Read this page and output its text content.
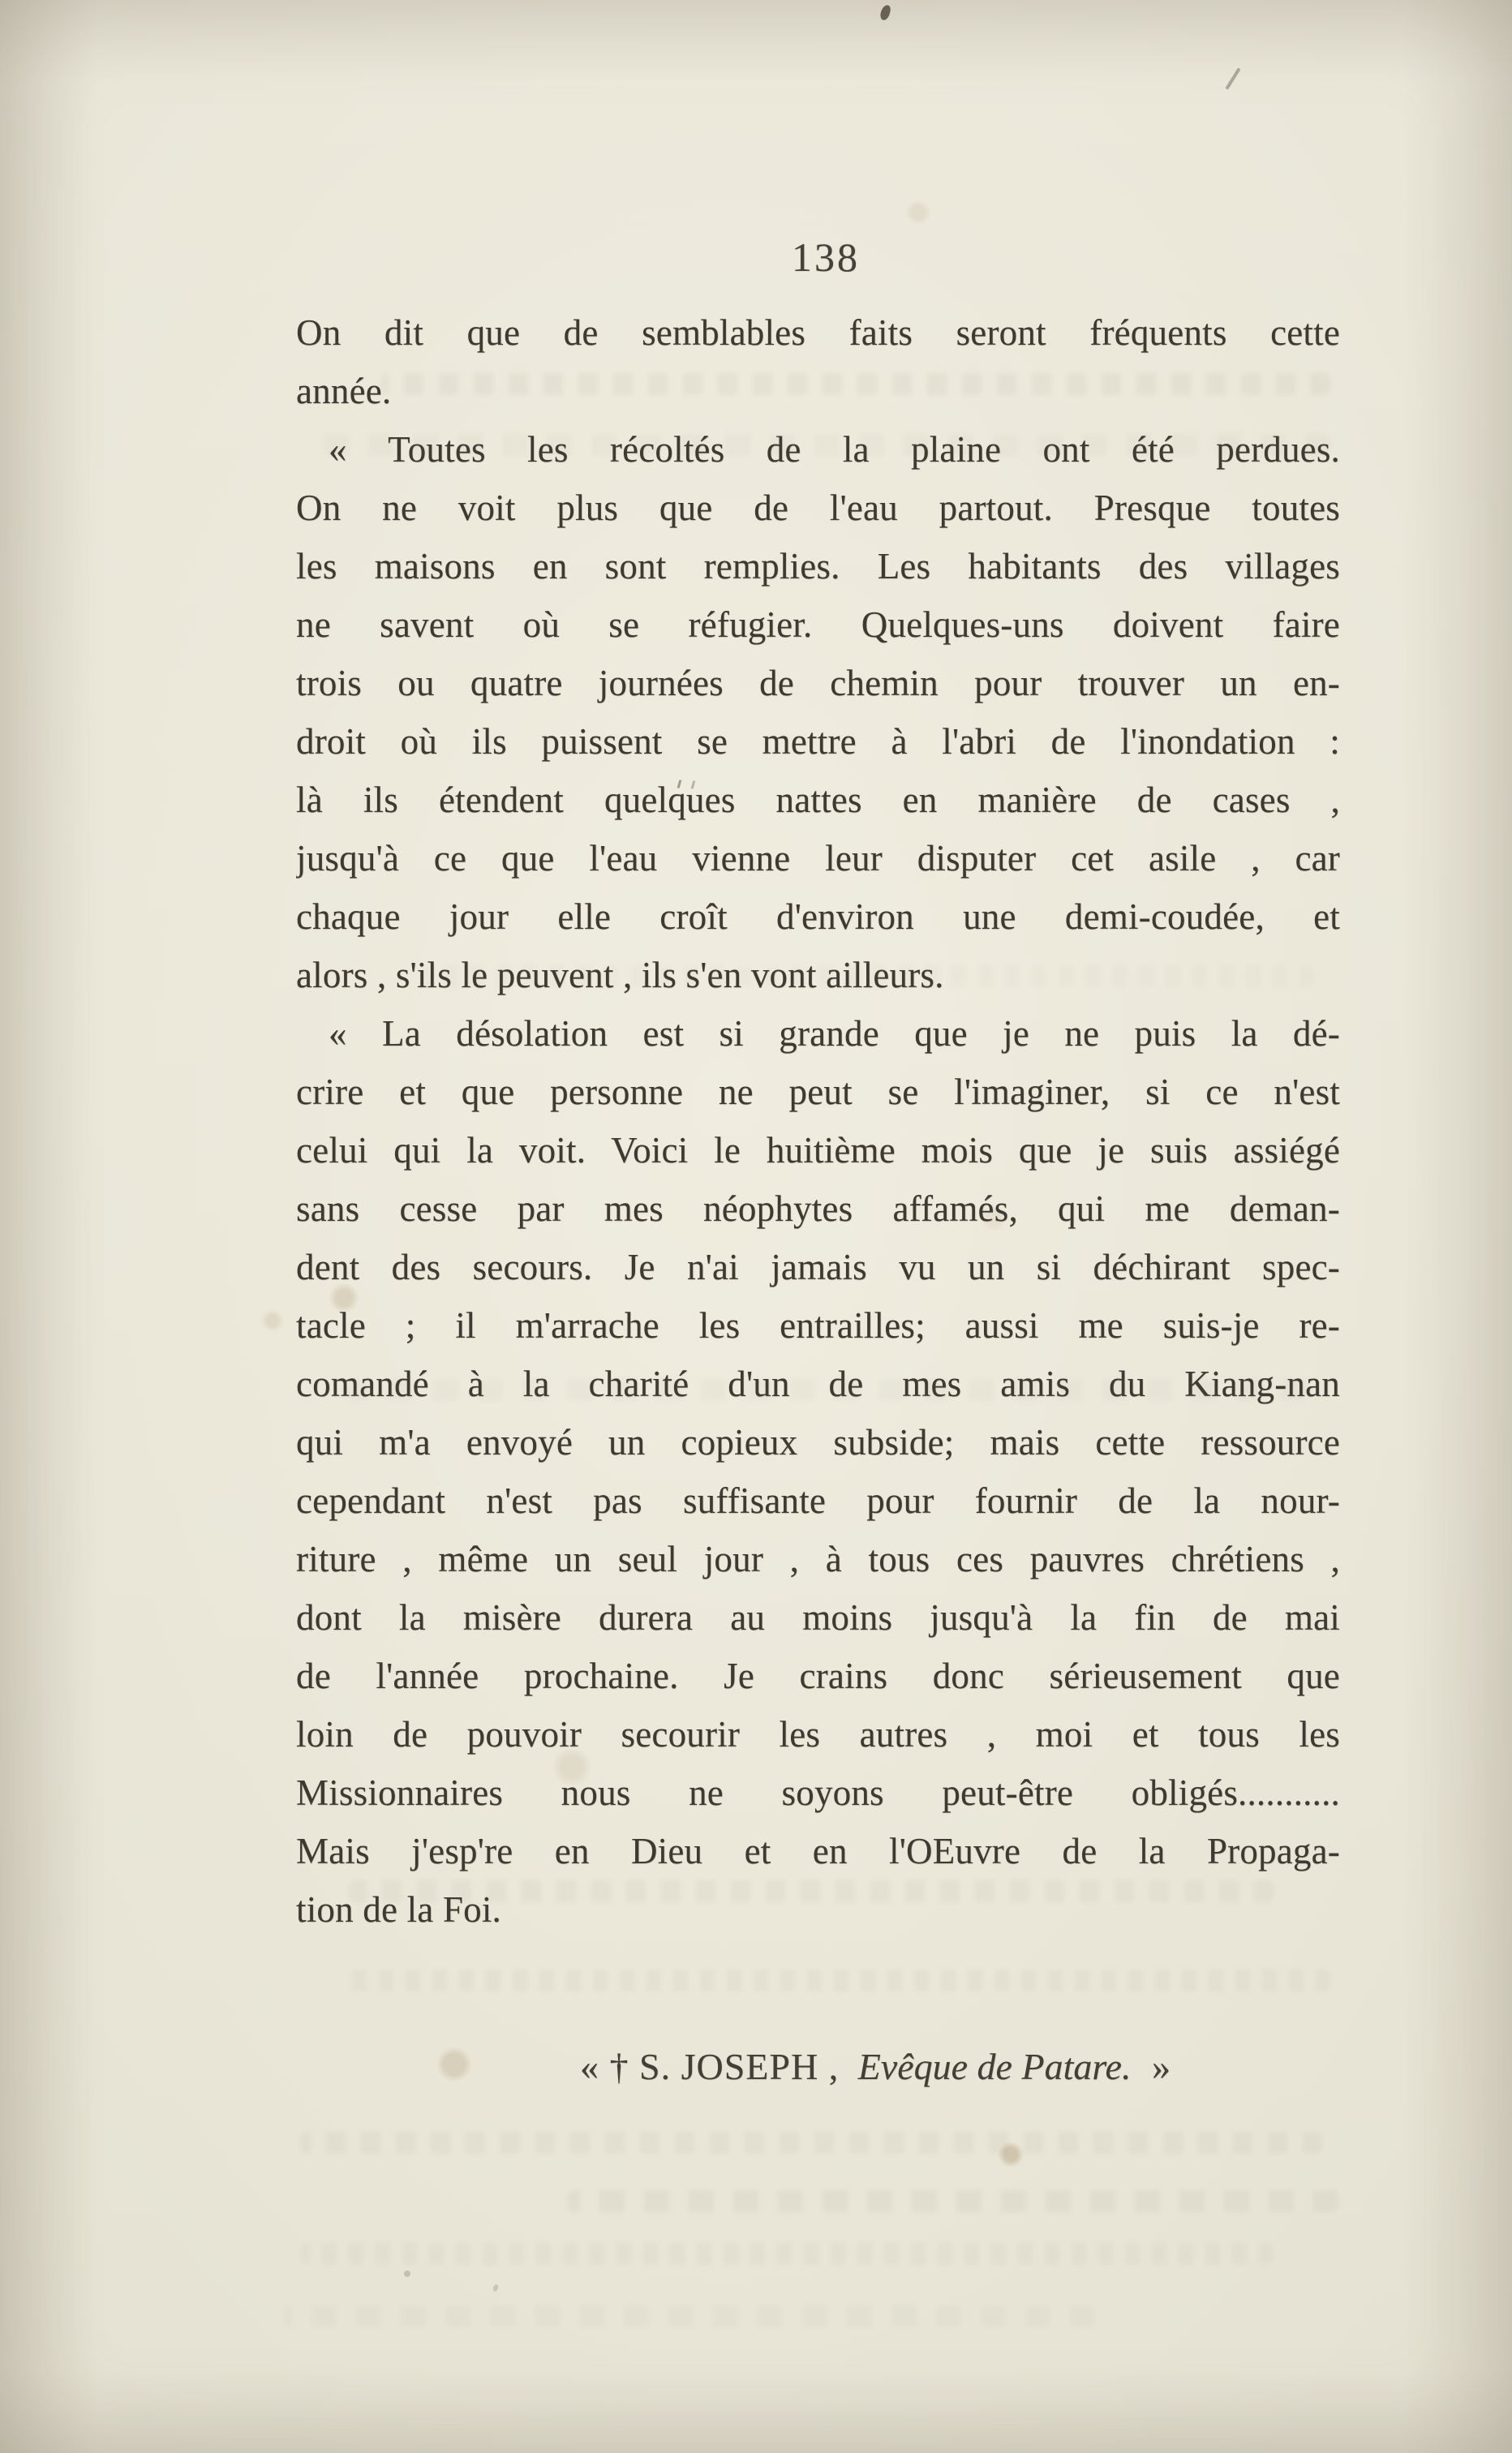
138
On dit que de semblables faits seront fréquents cette
année.
« Toutes les récoltés de la plaine ont été perdues.
On ne voit plus que de l'eau partout. Presque toutes
les maisons en sont remplies. Les habitants des villages
ne savent où se réfugier. Quelques-uns doivent faire
trois ou quatre journées de chemin pour trouver un en-
droit où ils puissent se mettre à l'abri de l'inondation :
là ils étendent quelques nattes en manière de cases ,
jusqu'à ce que l'eau vienne leur disputer cet asile , car
chaque jour elle croît d'environ une demi-coudée, et
alors , s'ils le peuvent , ils s'en vont ailleurs.
« La désolation est si grande que je ne puis la dé-
crire et que personne ne peut se l'imaginer, si ce n'est
celui qui la voit. Voici le huitième mois que je suis assiégé
sans cesse par mes néophytes affamés, qui me deman-
dent des secours. Je n'ai jamais vu un si déchirant spec-
tacle ; il m'arrache les entrailles; aussi me suis-je re-
comandé à la charité d'un de mes amis du Kiang-nan
qui m'a envoyé un copieux subside; mais cette ressource
cependant n'est pas suffisante pour fournir de la nour-
riture , même un seul jour , à tous ces pauvres chrétiens ,
dont la misère durera au moins jusqu'à la fin de mai
de l'année prochaine. Je crains donc sérieusement que
loin de pouvoir secourir les autres , moi et tous les
Missionnaires nous ne soyons peut-être obligés...........
Mais j'esp're en Dieu et en l'OEuvre de la Propaga-
tion de la Foi.
« † S. JOSEPH , Evêque de Patare. »
